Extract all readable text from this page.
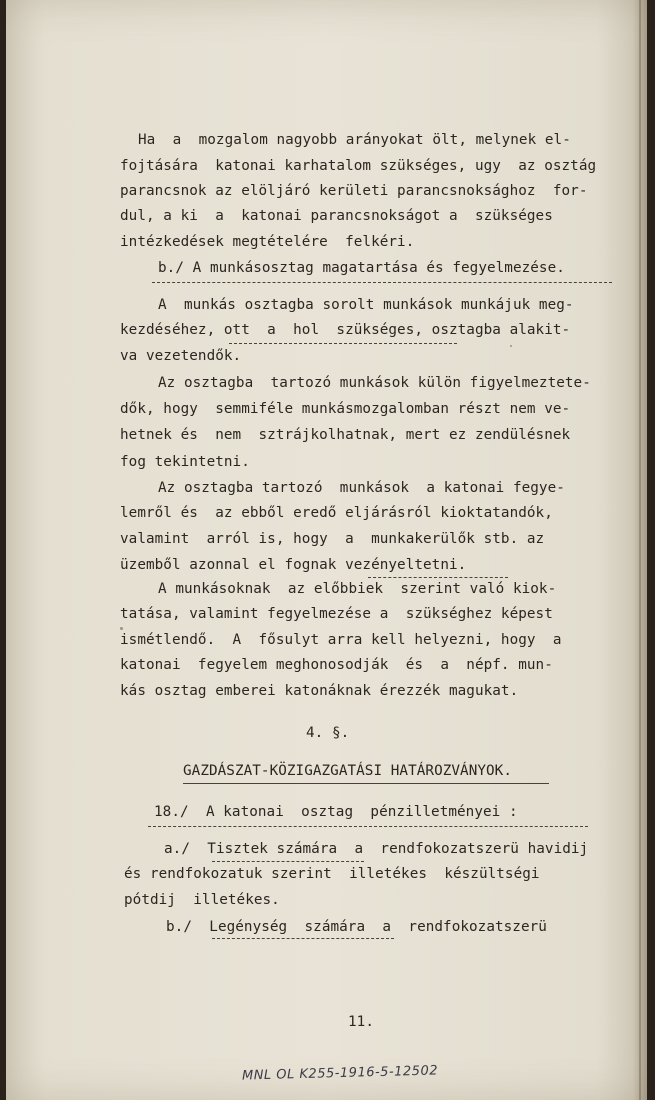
Ha  a  mozgalom nagyobb arányokat ölt, melynek el-
fojtására  katonai karhatalom szükséges, ugy  az osztág
parancsnok az elöljáró kerületi parancsnoksághoz  for-
dul, a ki  a  katonai parancsnokságot a  szükséges
intézkedések megtételére  felkéri.
b./ A munkásosztag magatartása és fegyelmezése.
A  munkás osztagba sorolt munkások munkájuk meg-
kezdéséhez, ott  a  hol  szükséges, osztagba alakit-
va vezetendők.
Az osztagba  tartozó munkások külön figyelmeztete-
dők, hogy  semmiféle munkásmozgalomban részt nem ve-
hetnek és  nem  sztrájkolhatnak, mert ez zendülésnek
fog tekintetni.
Az osztagba tartozó  munkások  a katonai fegye-
lemről és  az ebből eredő eljárásról kioktatandók,
valamint  arról is, hogy  a  munkakerülők stb. az
üzemből azonnal el fognak vezényeltetni.
A munkásoknak  az előbbiek  szerint való kiok-
tatása, valamint fegyelmezése a  szükséghez képest
ismétlendő.  A  fősulyt arra kell helyezni, hogy  a
katonai  fegyelem meghonosodják  és  a  népf. mun-
kás osztag emberei katonáknak érezzék magukat.
4. §.
GAZDÁSZAT-KÖZIGAZGATÁSI HATÁROZVÁNYOK.
18./  A katonai  osztag  pénzilletményei :
a./  Tisztek számára  a  rendfokozatszerü havidij
és rendfokozatuk szerint  illetékes  készültségi
pótdij  illetékes.
b./  Legénység  számára  a  rendfokozatszerü
11.
MNL OL K255-1916-5-12502
